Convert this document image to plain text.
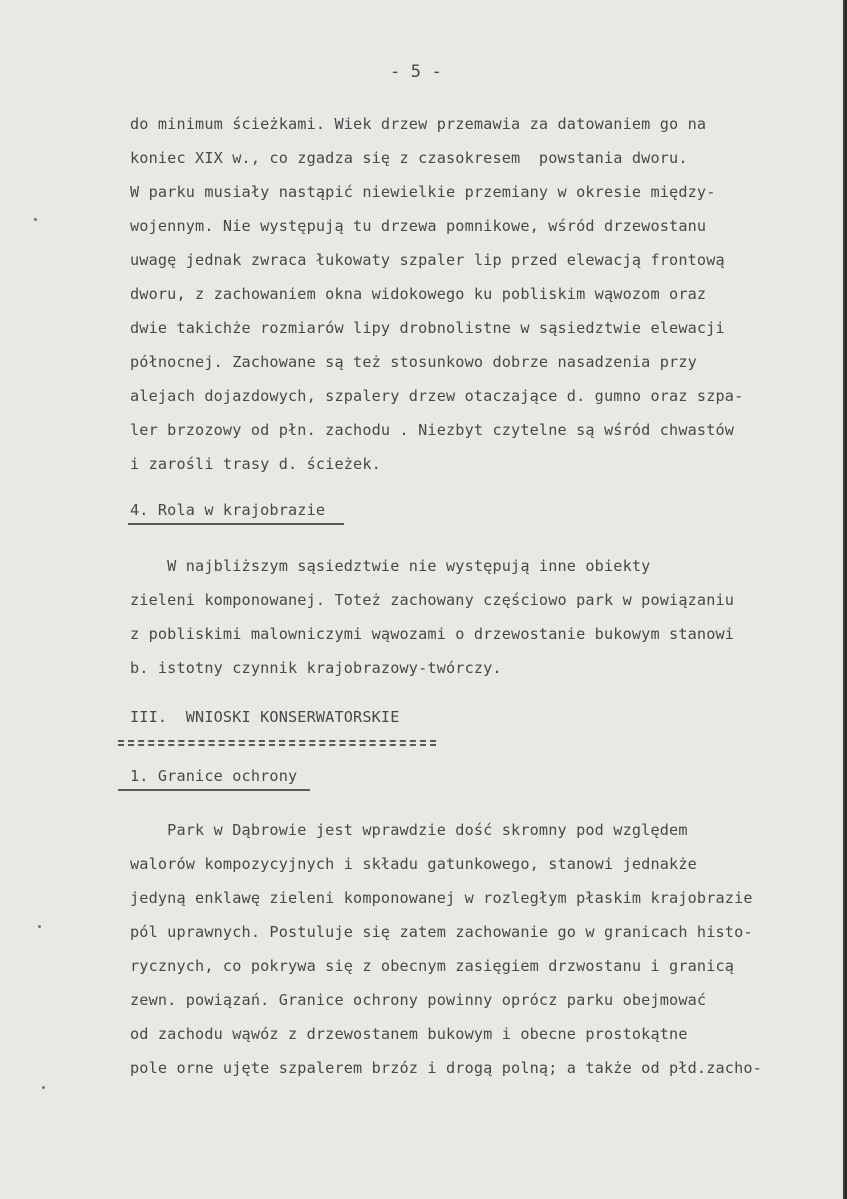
- 5 -
do minimum ścieżkami. Wiek drzew przemawia za datowaniem go na
koniec XIX w., co zgadza się z czasokresem  powstania dworu.
W parku musiały nastąpić niewielkie przemiany w okresie między-
wojennym. Nie występują tu drzewa pomnikowe, wśród drzewostanu
uwagę jednak zwraca łukowaty szpaler lip przed elewacją frontową
dworu, z zachowaniem okna widokowego ku pobliskim wąwozom oraz
dwie takichże rozmiarów lipy drobnolistne w sąsiedztwie elewacji
północnej. Zachowane są też stosunkowo dobrze nasadzenia przy
alejach dojazdowych, szpalery drzew otaczające d. gumno oraz szpa-
ler brzozowy od płn. zachodu . Niezbyt czytelne są wśród chwastów
i zarośli trasy d. ścieżek.
4. Rola w krajobrazie
W najbliższym sąsiedztwie nie występują inne obiekty
zieleni komponowanej. Toteż zachowany częściowo park w powiązaniu
z pobliskimi malowniczymi wąwozami o drzewostanie bukowym stanowi
b. istotny czynnik krajobrazowy-twórczy.
III.  WNIOSKI KONSERWATORSKIE
1. Granice ochrony
Park w Dąbrowie jest wprawdzie dość skromny pod względem
walorów kompozycyjnych i składu gatunkowego, stanowi jednakże
jedyną enklawę zieleni komponowanej w rozległym płaskim krajobrazie
pól uprawnych. Postuluje się zatem zachowanie go w granicach histo-
rycznych, co pokrywa się z obecnym zasięgiem drzwostanu i granicą
zewn. powiązań. Granice ochrony powinny oprócz parku obejmować
od zachodu wąwóz z drzewostanem bukowym i obecne prostokątne
pole orne ujęte szpalerem brzóz i drogą polną; a także od płd.zacho-
